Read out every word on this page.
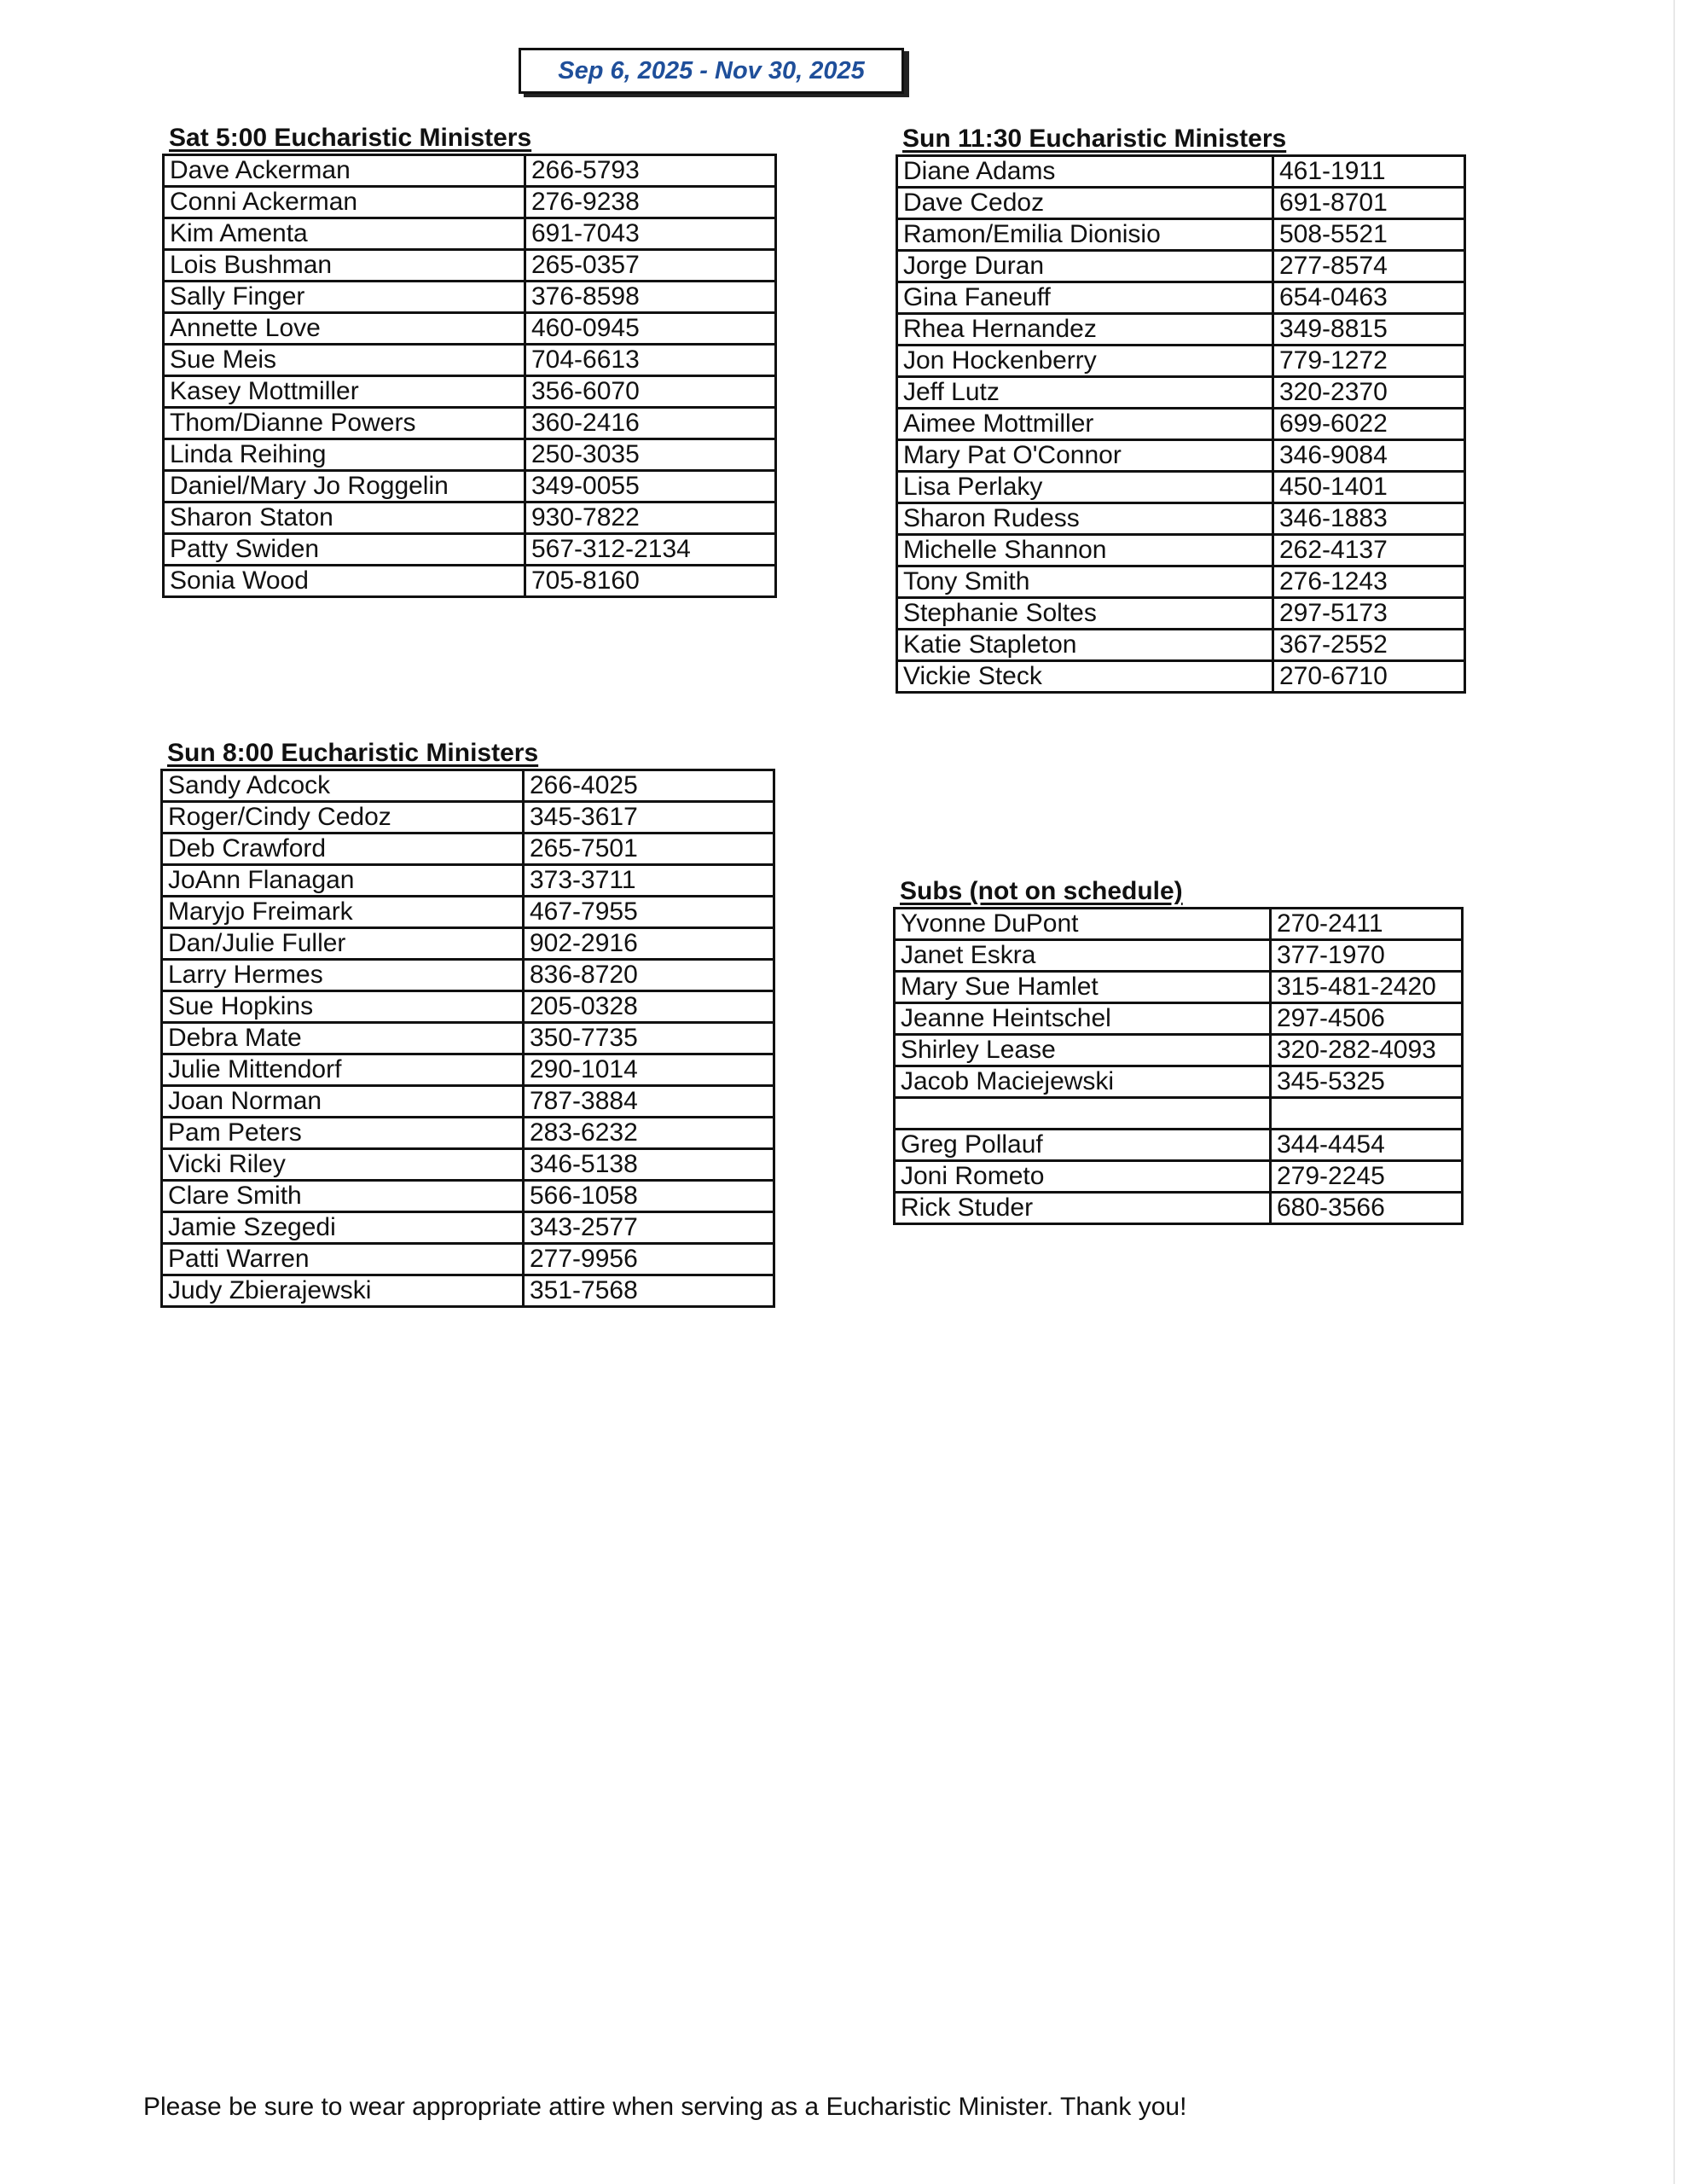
Sep 6, 2025 - Nov 30, 2025
Sat 5:00 Eucharistic Ministers
Dave Ackerman	266-5793
Conni Ackerman	276-9238
Kim Amenta	691-7043
Lois Bushman	265-0357
Sally Finger	376-8598
Annette Love	460-0945
Sue Meis	704-6613
Kasey Mottmiller	356-6070
Thom/Dianne Powers	360-2416
Linda Reihing	250-3035
Daniel/Mary Jo Roggelin	349-0055
Sharon Staton	930-7822
Patty Swiden	567-312-2134
Sonia Wood	705-8160
Sun 8:00 Eucharistic Ministers
Sandy Adcock	266-4025
Roger/Cindy Cedoz	345-3617
Deb Crawford	265-7501
JoAnn Flanagan	373-3711
Maryjo Freimark	467-7955
Dan/Julie Fuller	902-2916
Larry Hermes	836-8720
Sue Hopkins	205-0328
Debra Mate	350-7735
Julie Mittendorf	290-1014
Joan Norman	787-3884
Pam Peters	283-6232
Vicki Riley	346-5138
Clare Smith	566-1058
Jamie Szegedi	343-2577
Patti Warren	277-9956
Judy Zbierajewski	351-7568
Sun 11:30 Eucharistic Ministers
Diane Adams	461-1911
Dave Cedoz	691-8701
Ramon/Emilia Dionisio	508-5521
Jorge Duran	277-8574
Gina Faneuff	654-0463
Rhea Hernandez	349-8815
Jon Hockenberry	779-1272
Jeff Lutz	320-2370
Aimee Mottmiller	699-6022
Mary Pat O'Connor	346-9084
Lisa Perlaky	450-1401
Sharon Rudess	346-1883
Michelle Shannon	262-4137
Tony Smith	276-1243
Stephanie Soltes	297-5173
Katie Stapleton	367-2552
Vickie Steck	270-6710
Subs (not on schedule)
Yvonne DuPont	270-2411
Janet Eskra	377-1970
Mary Sue Hamlet	315-481-2420
Jeanne Heintschel	297-4506
Shirley Lease	320-282-4093
Jacob Maciejewski	345-5325

Greg Pollauf	344-4454
Joni Rometo	279-2245
Rick Studer	680-3566
Please be sure to wear appropriate attire when serving as a Eucharistic Minister. Thank you!
